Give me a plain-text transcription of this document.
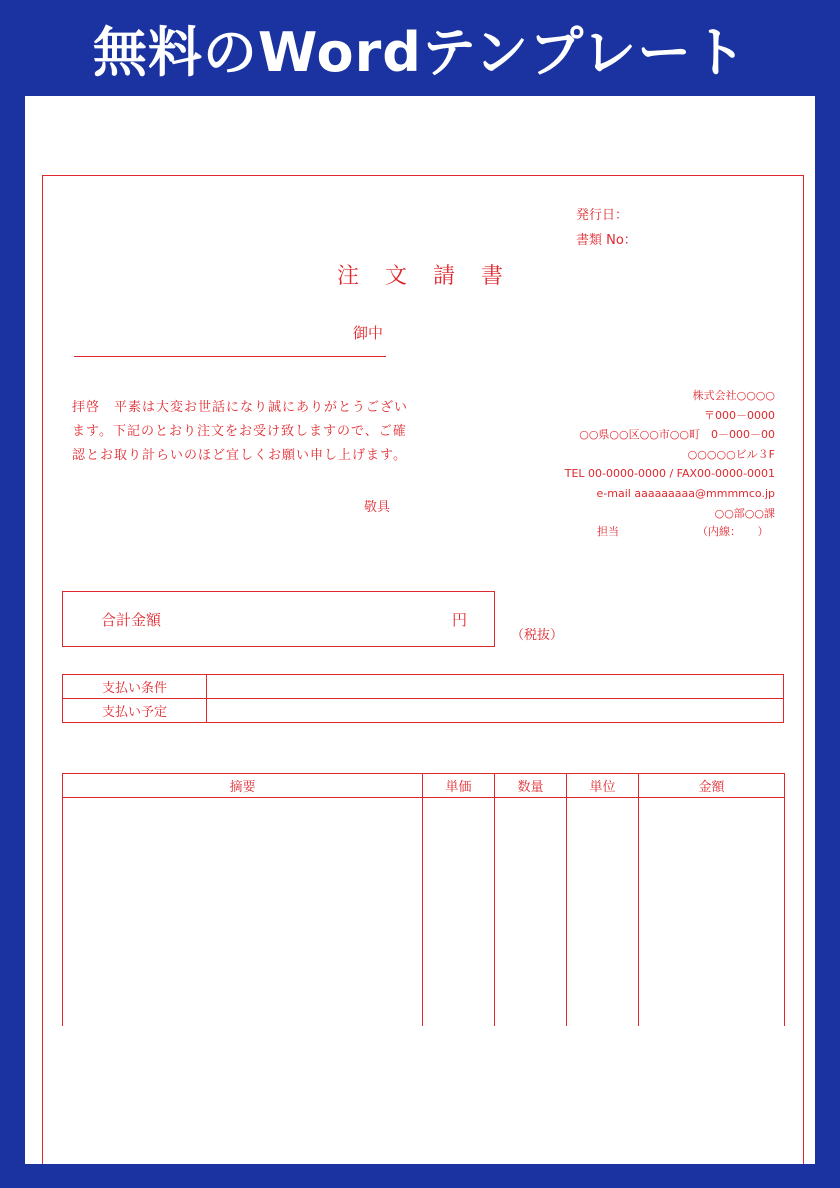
無料のWordテンプレート
発行日：
書類 No：
注文請書
御中
拝啓　平素は大変お世話になり誠にありがとうございます。下記のとおり注文をお受け致しますので、ご確認とお取り計らいのほど宜しくお願い申し上げます。
敬具
株式会社○○○○
〒000－0000
○○県○○区○○市○○町　0－000－00
○○○○○ビル３F
TEL 00-0000-0000 / FAX00-0000-0001
e-mail aaaaaaaaa@mmmmco.jp
○○部○○課
担当	（内線：　　）
合計金額	円
（税抜）
支払い条件	
支払い予定	
摘要	単価	数量	単位	金額
